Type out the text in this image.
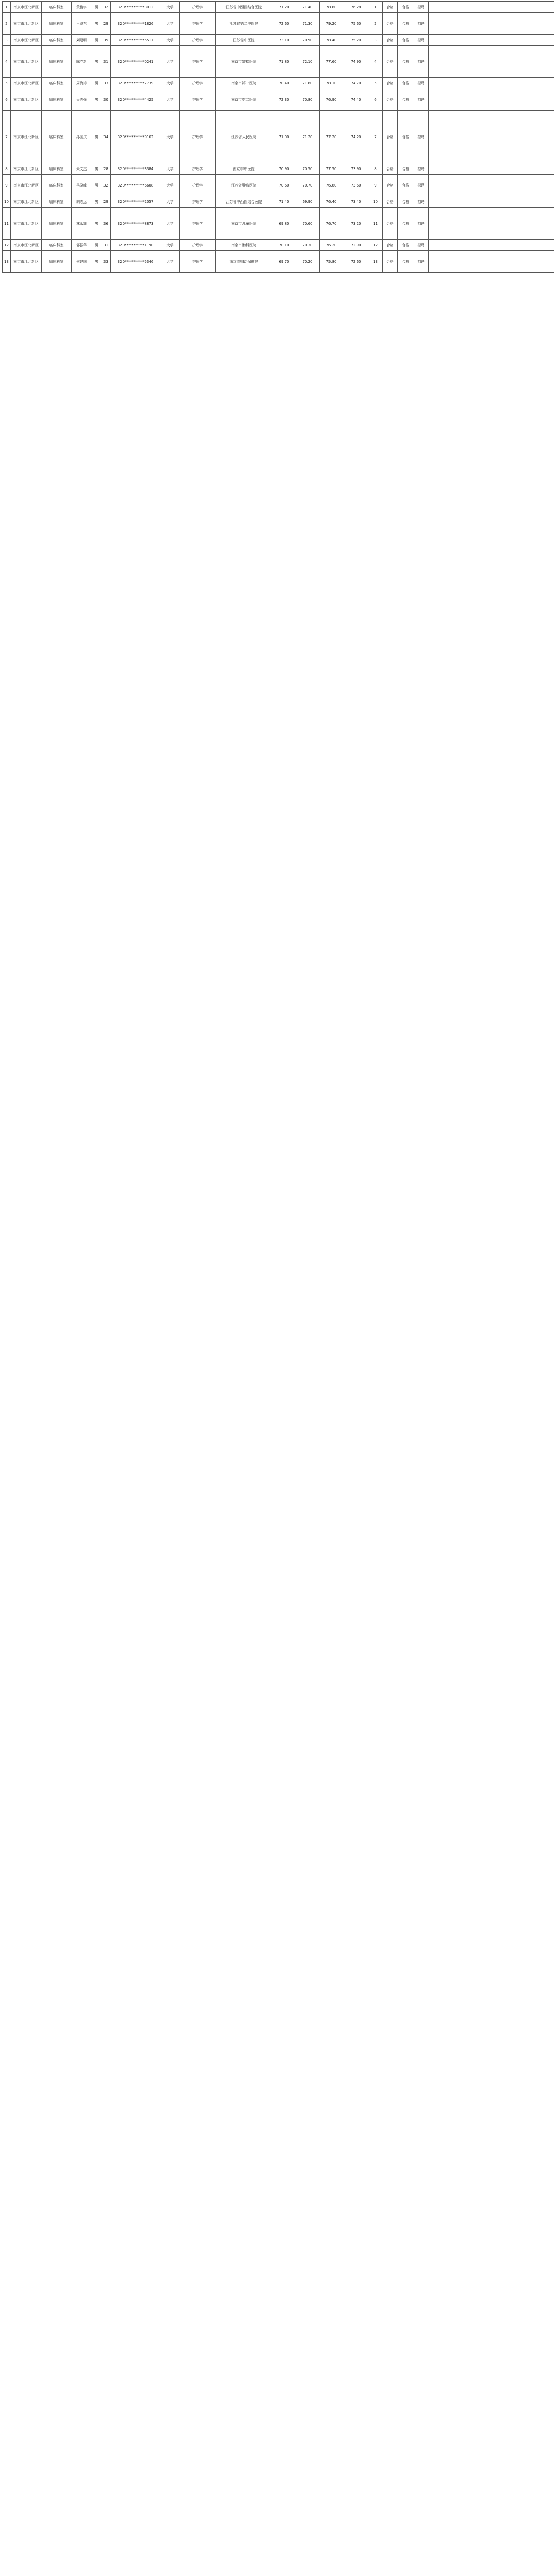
1	南京市江北新区	临床科室	黄俊宇	男	32	320***********3012	大学	护理学	江苏省中西医结合医院	71.20	71.40	78.80	76.28	1	合格	合格	拟聘	
2	南京市江北新区	临床科室	王晓东	男	29	320***********1826	大学	护理学	江苏省第二中医院	72.60	71.30	79.20	75.60	2	合格	合格	拟聘	
3	南京市江北新区	临床科室	刘建明	男	35	320***********5517	大学	护理学	江苏省中医院	73.10	70.90	78.40	75.20	3	合格	合格	拟聘	
4	南京市江北新区	临床科室	陈立新	男	31	320***********0241	大学	护理学	南京市鼓楼医院	71.80	72.10	77.60	74.90	4	合格	合格	拟聘	
5	南京市江北新区	临床科室	周海涛	男	33	320***********7739	大学	护理学	南京市第一医院	70.40	71.60	78.10	74.70	5	合格	合格	拟聘	
6	南京市江北新区	临床科室	吴志强	男	30	320***********4425	大学	护理学	南京市第二医院	72.30	70.80	76.90	74.40	6	合格	合格	拟聘	
7	南京市江北新区	临床科室	孙国庆	男	34	320***********9162	大学	护理学	江苏省人民医院	71.00	71.20	77.20	74.20	7	合格	合格	拟聘	
8	南京市江北新区	临床科室	朱文杰	男	28	320***********3384	大学	护理学	南京市中医院	70.90	70.50	77.50	73.90	8	合格	合格	拟聘	
9	南京市江北新区	临床科室	马晓峰	男	32	320***********6608	大学	护理学	江苏省肿瘤医院	70.60	70.70	76.80	73.60	9	合格	合格	拟聘	
10	南京市江北新区	临床科室	胡志远	男	29	320***********2057	大学	护理学	江苏省中西医结合医院	71.40	69.90	76.40	73.40	10	合格	合格	拟聘	
11	南京市江北新区	临床科室	林永辉	男	36	320***********8873	大学	护理学	南京市儿童医院	69.80	70.60	76.70	73.20	11	合格	合格	拟聘	
12	南京市江北新区	临床科室	郭振华	男	31	320***********1190	大学	护理学	南京市胸科医院	70.10	70.30	76.20	72.90	12	合格	合格	拟聘	
13	南京市江北新区	临床科室	何建国	男	33	320***********5346	大学	护理学	南京市妇幼保健院	69.70	70.20	75.80	72.60	13	合格	合格	拟聘	
